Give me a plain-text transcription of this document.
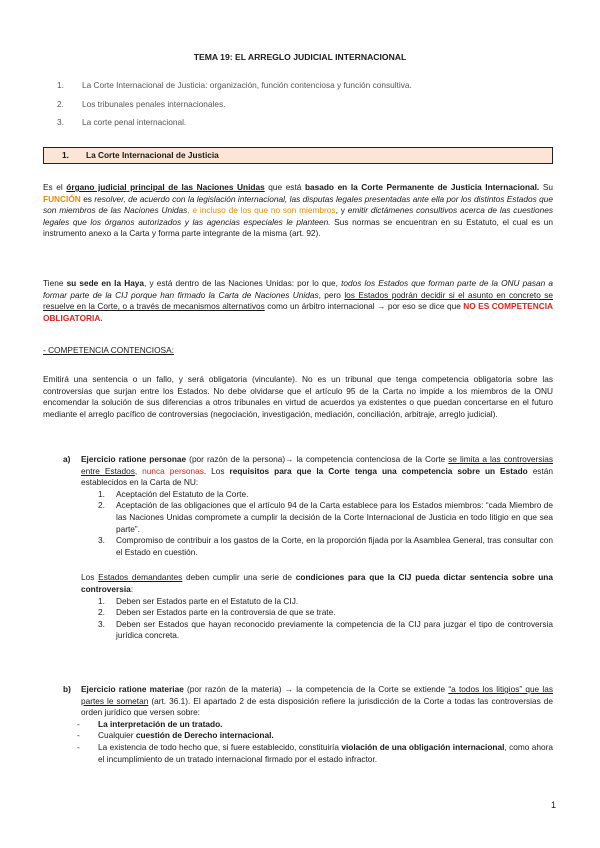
TEMA 19: EL ARREGLO JUDICIAL INTERNACIONAL
1.	La Corte Internacional de Justicia: organización, función contenciosa y función consultiva.
2.	Los tribunales penales internacionales.
3.	La corte penal internacional.
1.	La Corte Internacional de Justicia
Es el órgano judicial principal de las Naciones Unidas que está basado en la Corte Permanente de Justicia Internacional. Su FUNCIÓN es resolver, de acuerdo con la legislación internacional, las disputas legales presentadas ante ella por los distintos Estados que son miembros de las Naciones Unidas, e incluso de los que no son miembros, y emitir dictámenes consultivos acerca de las cuestiones legales que los órganos autorizados y las agencias especiales le planteen. Sus normas se encuentran en su Estatuto, el cual es un instrumento anexo a la Carta y forma parte integrante de la misma (art. 92).
Tiene su sede en la Haya, y está dentro de las Naciones Unidas: por lo que, todos los Estados que forman parte de la ONU pasan a formar parte de la CIJ porque han firmado la Carta de Naciones Unidas, pero los Estados podrán decidir si el asunto en concreto se resuelve en la Corte, o a través de mecanismos alternativos como un árbitro internacional → por eso se dice que NO ES COMPETENCIA OBLIGATORIA.
- COMPETENCIA CONTENCIOSA:
Emitirá una sentencia o un fallo, y será obligatoria (vinculante). No es un tribunal que tenga competencia obligatoria sobre las controversias que surjan entre los Estados. No debe olvidarse que el artículo 95 de la Carta no impide a los miembros de la ONU encomendar la solución de sus diferencias a otros tribunales en virtud de acuerdos ya existentes o que puedan concertarse en el futuro mediante el arreglo pacífico de controversias (negociación, investigación, mediación, conciliación, arbitraje, arreglo judicial).
a) Ejercicio ratione personae (por razón de la persona)→ la competencia contenciosa de la Corte se limita a las controversias entre Estados, nunca personas. Los requisitos para que la Corte tenga una competencia sobre un Estado están establecidos en la Carta de NU:
1. Aceptación del Estatuto de la Corte.
2. Aceptación de las obligaciones que el artículo 94 de la Carta establece para los Estados miembros: “cada Miembro de las Naciones Unidas compromete a cumplir la decisión de la Corte Internacional de Justicia en todo litigio en que sea parte”.
3. Compromiso de contribuir a los gastos de la Corte, en la proporción fijada por la Asamblea General, tras consultar con el Estado en cuestión.
Los Estados demandantes deben cumplir una serie de condiciones para que la CIJ pueda dictar sentencia sobre una controversia:
1. Deben ser Estados parte en el Estatuto de la CIJ.
2. Deben ser Estados parte en la controversia de que se trate.
3. Deben ser Estados que hayan reconocido previamente la competencia de la CIJ para juzgar el tipo de controversia jurídica concreta.
b) Ejercicio ratione materiae (por razón de la materia) → la competencia de la Corte se extiende “a todos los litigios” que las partes le sometan (art. 36.1). El apartado 2 de esta disposición refiere la jurisdicción de la Corte a todas las controversias de orden jurídico que versen sobre:
- La interpretación de un tratado.
- Cualquier cuestión de Derecho internacional.
- La existencia de todo hecho que, si fuere establecido, constituiría violación de una obligación internacional, como ahora el incumplimiento de un tratado internacional firmado por el estado infractor.
1
